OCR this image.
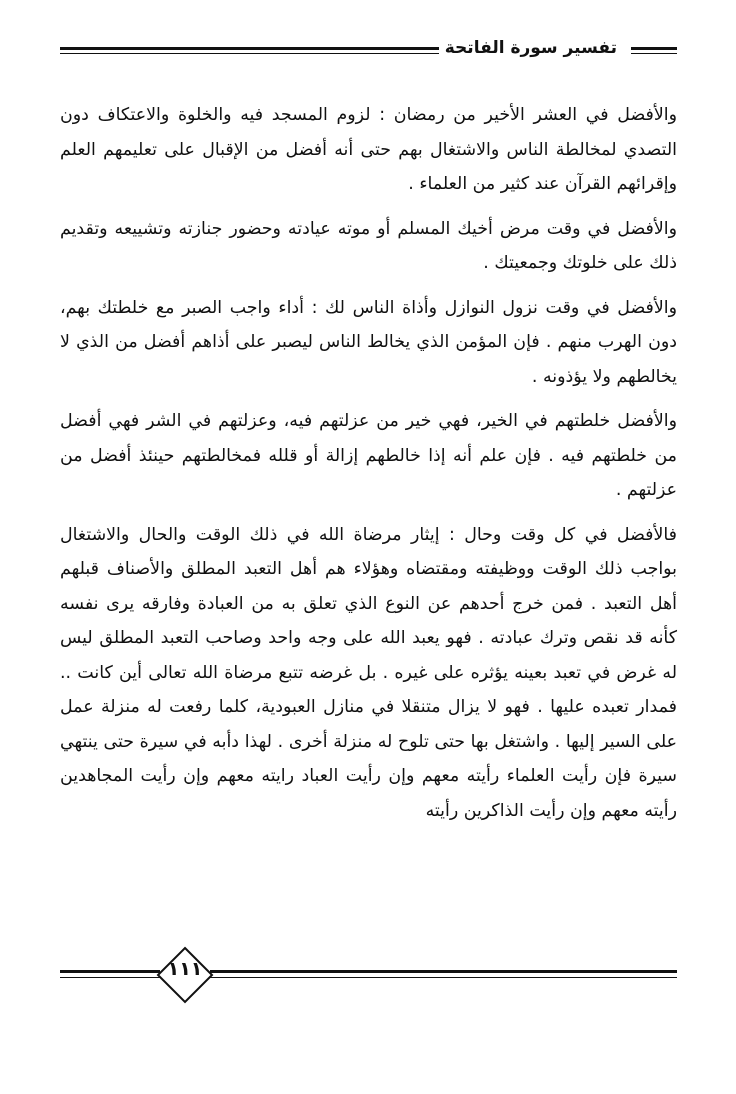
تفسير سورة الفاتحة

والأفضل في العشر الأخير من رمضان : لزوم المسجد فيه والخلوة والاعتكاف دون التصدي لمخالطة الناس والاشتغال بهم حتى أنه أفضل من الإقبال على تعليمهم العلم وإقرائهم القرآن عند كثير من العلماء .

والأفضل في وقت مرض أخيك المسلم أو موته عيادته وحضور جنازته وتشييعه وتقديم ذلك على خلوتك وجمعيتك .

والأفضل في وقت نزول النوازل وأذاة الناس لك : أداء واجب الصبر مع خلطتك بهم، دون الهرب منهم . فإن المؤمن الذي يخالط الناس ليصبر على أذاهم أفضل من الذي لا يخالطهم ولا يؤذونه .

والأفضل خلطتهم في الخير، فهي خير من عزلتهم فيه، وعزلتهم في الشر فهي أفضل من خلطتهم فيه . فإن علم أنه إذا خالطهم إزالة أو قلله فمخالطتهم حينئذ أفضل من عزلتهم .

فالأفضل في كل وقت وحال : إيثار مرضاة الله في ذلك الوقت والحال والاشتغال بواجب ذلك الوقت ووظيفته ومقتضاه وهؤلاء هم أهل التعبد المطلق والأصناف قبلهم أهل التعبد . فمن خرج أحدهم عن النوع الذي تعلق به من العبادة وفارقه يرى نفسه كأنه قد نقص وترك عبادته . فهو يعبد الله على وجه واحد وصاحب التعبد المطلق ليس له غرض في تعبد بعينه يؤثره على غيره . بل غرضه تتبع مرضاة الله تعالى أين كانت .. فمدار تعبده عليها . فهو لا يزال متنقلا في منازل العبودية، كلما رفعت له منزلة عمل على السير إليها . واشتغل بها حتى تلوح له منزلة أخرى . لهذا دأبه في سيرة حتى ينتهي سيرة فإن رأيت العلماء رأيته معهم وإن رأيت العباد رايته معهم وإن رأيت المجاهدين رأيته معهم وإن رأيت الذاكرين رأيته

١١١
